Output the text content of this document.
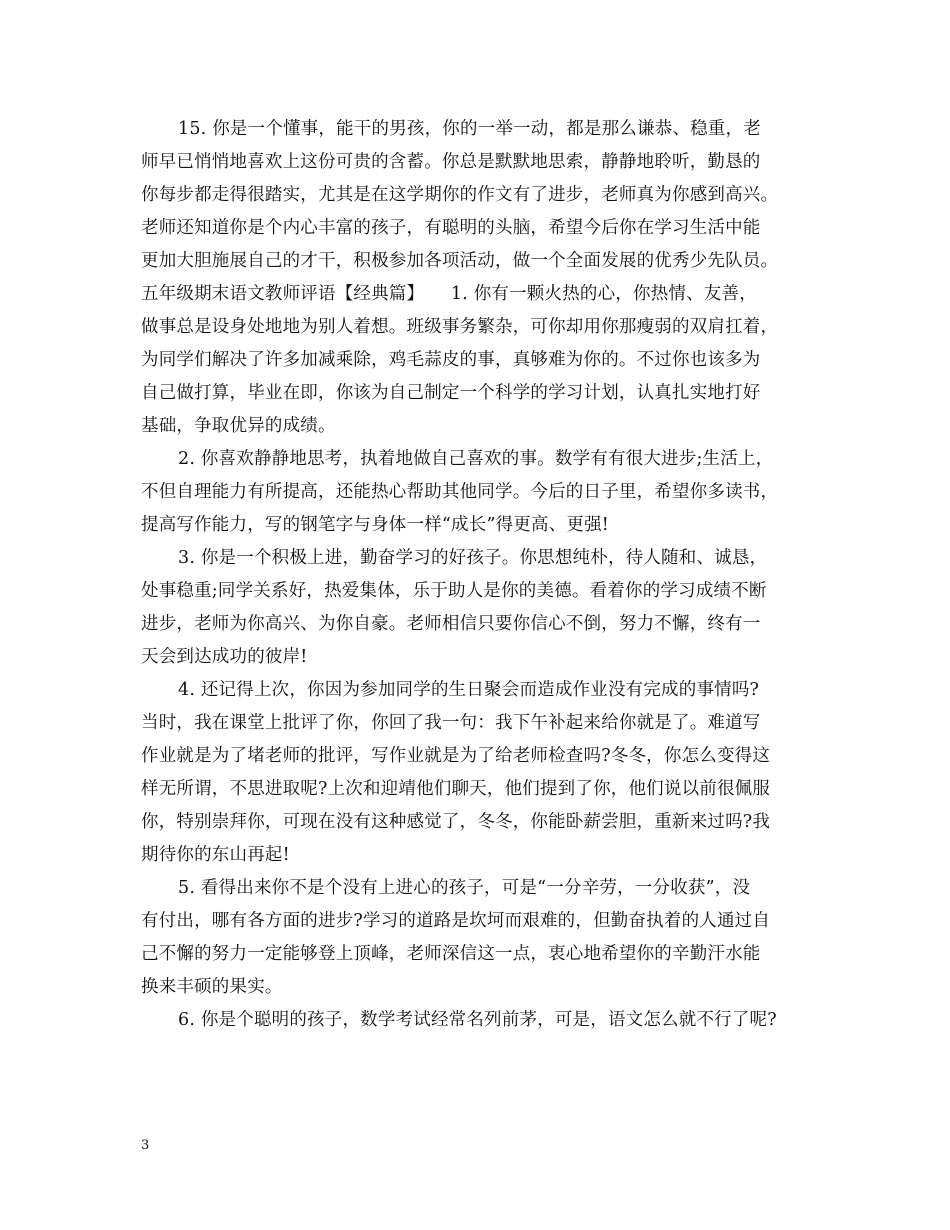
15. 你是一个懂事，能干的男孩，你的一举一动，都是那么谦恭、稳重，老
师早已悄悄地喜欢上这份可贵的含蓄。你总是默默地思索，静静地聆听，勤恳的
你每步都走得很踏实，尤其是在这学期你的作文有了进步，老师真为你感到高兴。
老师还知道你是个内心丰富的孩子，有聪明的头脑，希望今后你在学习生活中能
更加大胆施展自己的才干，积极参加各项活动，做一个全面发展的优秀少先队员。
五年级期末语文教师评语【经典篇】　　1. 你有一颗火热的心，你热情、友善，
做事总是设身处地地为别人着想。班级事务繁杂，可你却用你那瘦弱的双肩扛着，
为同学们解决了许多加减乘除，鸡毛蒜皮的事，真够难为你的。不过你也该多为
自己做打算，毕业在即，你该为自己制定一个科学的学习计划，认真扎实地打好
基础，争取优异的成绩。
2. 你喜欢静静地思考，执着地做自己喜欢的事。数学有有很大进步;生活上，
不但自理能力有所提高，还能热心帮助其他同学。今后的日子里，希望你多读书，
提高写作能力，写的钢笔字与身体一样“成长”得更高、更强!
3. 你是一个积极上进，勤奋学习的好孩子。你思想纯朴，待人随和、诚恳，
处事稳重;同学关系好，热爱集体，乐于助人是你的美德。看着你的学习成绩不断
进步，老师为你高兴、为你自豪。老师相信只要你信心不倒，努力不懈，终有一
天会到达成功的彼岸!
4. 还记得上次，你因为参加同学的生日聚会而造成作业没有完成的事情吗?
当时，我在课堂上批评了你，你回了我一句：我下午补起来给你就是了。难道写
作业就是为了堵老师的批评，写作业就是为了给老师检查吗?冬冬，你怎么变得这
样无所谓，不思进取呢?上次和迎靖他们聊天，他们提到了你，他们说以前很佩服
你，特别崇拜你，可现在没有这种感觉了，冬冬，你能卧薪尝胆，重新来过吗?我
期待你的东山再起!
5. 看得出来你不是个没有上进心的孩子，可是“一分辛劳，一分收获”，没
有付出，哪有各方面的进步?学习的道路是坎坷而艰难的，但勤奋执着的人通过自
己不懈的努力一定能够登上顶峰，老师深信这一点，衷心地希望你的辛勤汗水能
换来丰硕的果实。
6. 你是个聪明的孩子，数学考试经常名列前茅，可是，语文怎么就不行了呢?
3
